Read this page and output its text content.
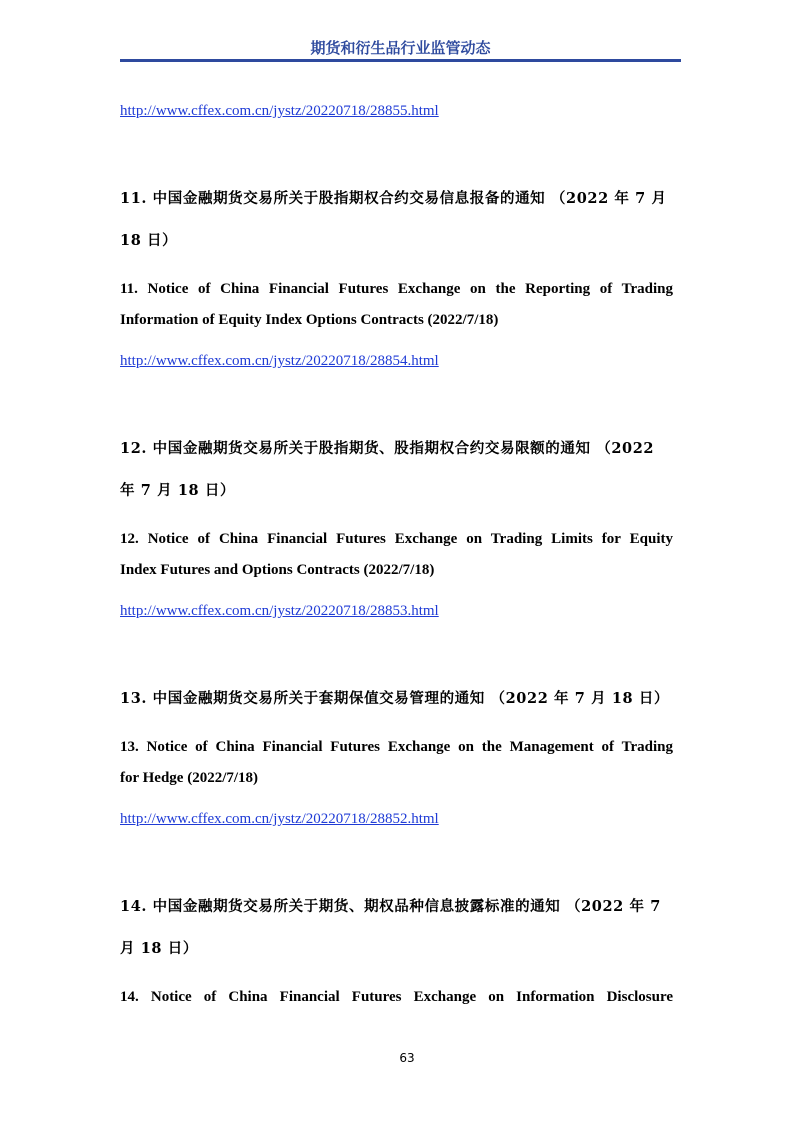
期货和衍生品行业监管动态
http://www.cffex.com.cn/jystz/20220718/28855.html
11. 中国金融期货交易所关于股指期权合约交易信息报备的通知 （2022 年 7 月
18 日）
11. Notice of China Financial Futures Exchange on the Reporting of Trading
Information of Equity Index Options Contracts (2022/7/18)
http://www.cffex.com.cn/jystz/20220718/28854.html
12. 中国金融期货交易所关于股指期货、股指期权合约交易限额的通知 （2022
年 7 月 18 日）
12. Notice of China Financial Futures Exchange on Trading Limits for Equity
Index Futures and Options Contracts (2022/7/18)
http://www.cffex.com.cn/jystz/20220718/28853.html
13. 中国金融期货交易所关于套期保值交易管理的通知 （2022 年 7 月 18 日）
13. Notice of China Financial Futures Exchange on the Management of Trading
for Hedge (2022/7/18)
http://www.cffex.com.cn/jystz/20220718/28852.html
14. 中国金融期货交易所关于期货、期权品种信息披露标准的通知 （2022 年 7
月 18 日）
14. Notice of China Financial Futures Exchange on Information Disclosure
63
